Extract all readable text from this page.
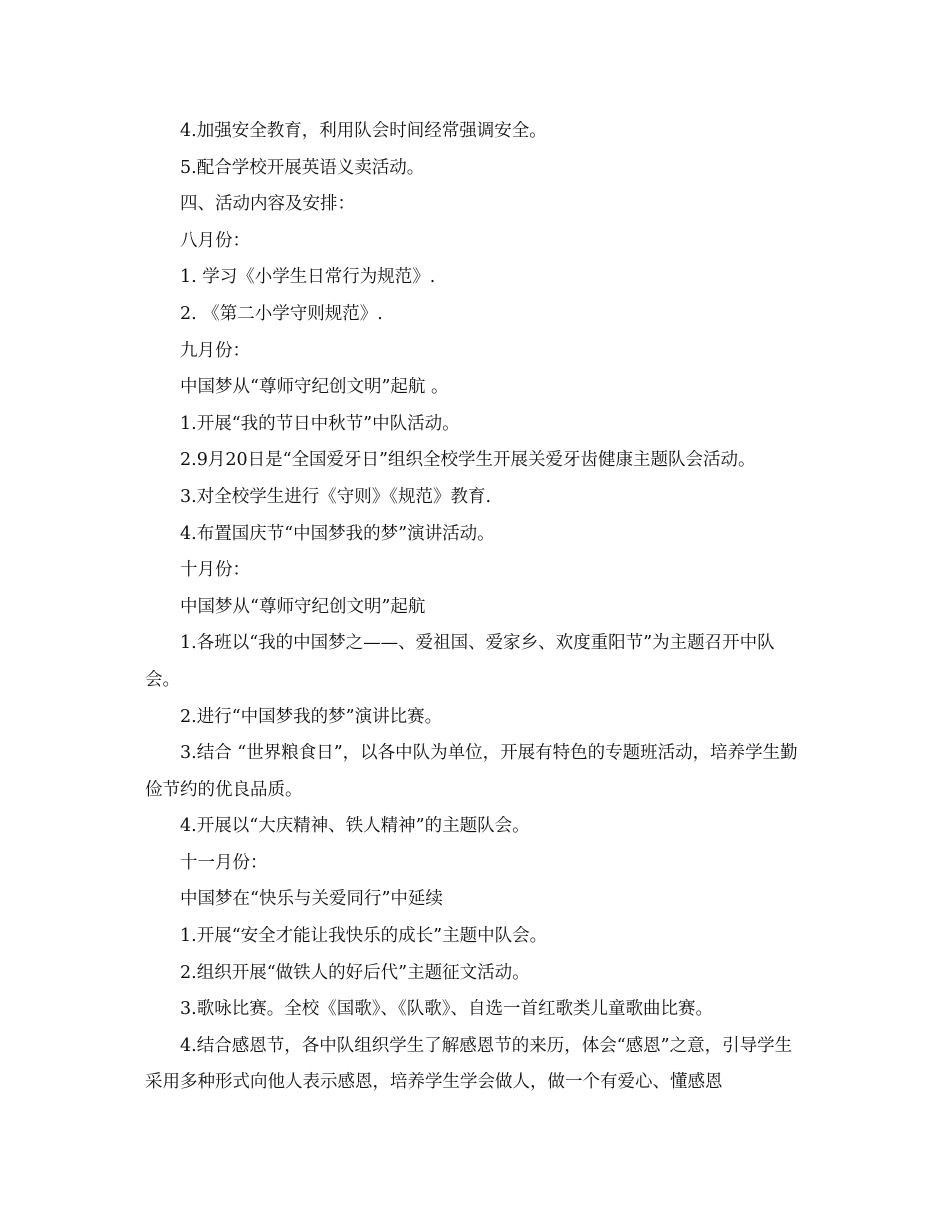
4.加强安全教育，利用队会时间经常强调安全。

5.配合学校开展英语义卖活动。

四、活动内容及安排：

八月份：

1. 学习《小学生日常行为规范》.

2. 《第二小学守则规范》.

九月份：

中国梦从“尊师守纪创文明”起航 。

1.开展“我的节日中秋节”中队活动。

2.9月20日是“全国爱牙日”组织全校学生开展关爱牙齿健康主题队会活动。

3.对全校学生进行《守则》《规范》教育.

4.布置国庆节“中国梦我的梦”演讲活动。

十月份：

中国梦从“尊师守纪创文明”起航

1.各班以“我的中国梦之——、爱祖国、爱家乡、欢度重阳节”为主题召开中队会。

2.进行“中国梦我的梦”演讲比赛。

3.结合 “世界粮食日”，以各中队为单位，开展有特色的专题班活动，培养学生勤俭节约的优良品质。

4.开展以“大庆精神、铁人精神”的主题队会。

十一月份：

中国梦在“快乐与关爱同行”中延续

1.开展“安全才能让我快乐的成长”主题中队会。

2.组织开展“做铁人的好后代”主题征文活动。

3.歌咏比赛。全校《国歌》、《队歌》、自选一首红歌类儿童歌曲比赛。

4.结合感恩节，各中队组织学生了解感恩节的来历，体会“感恩”之意，引导学生采用多种形式向他人表示感恩，培养学生学会做人，做一个有爱心、懂感恩
